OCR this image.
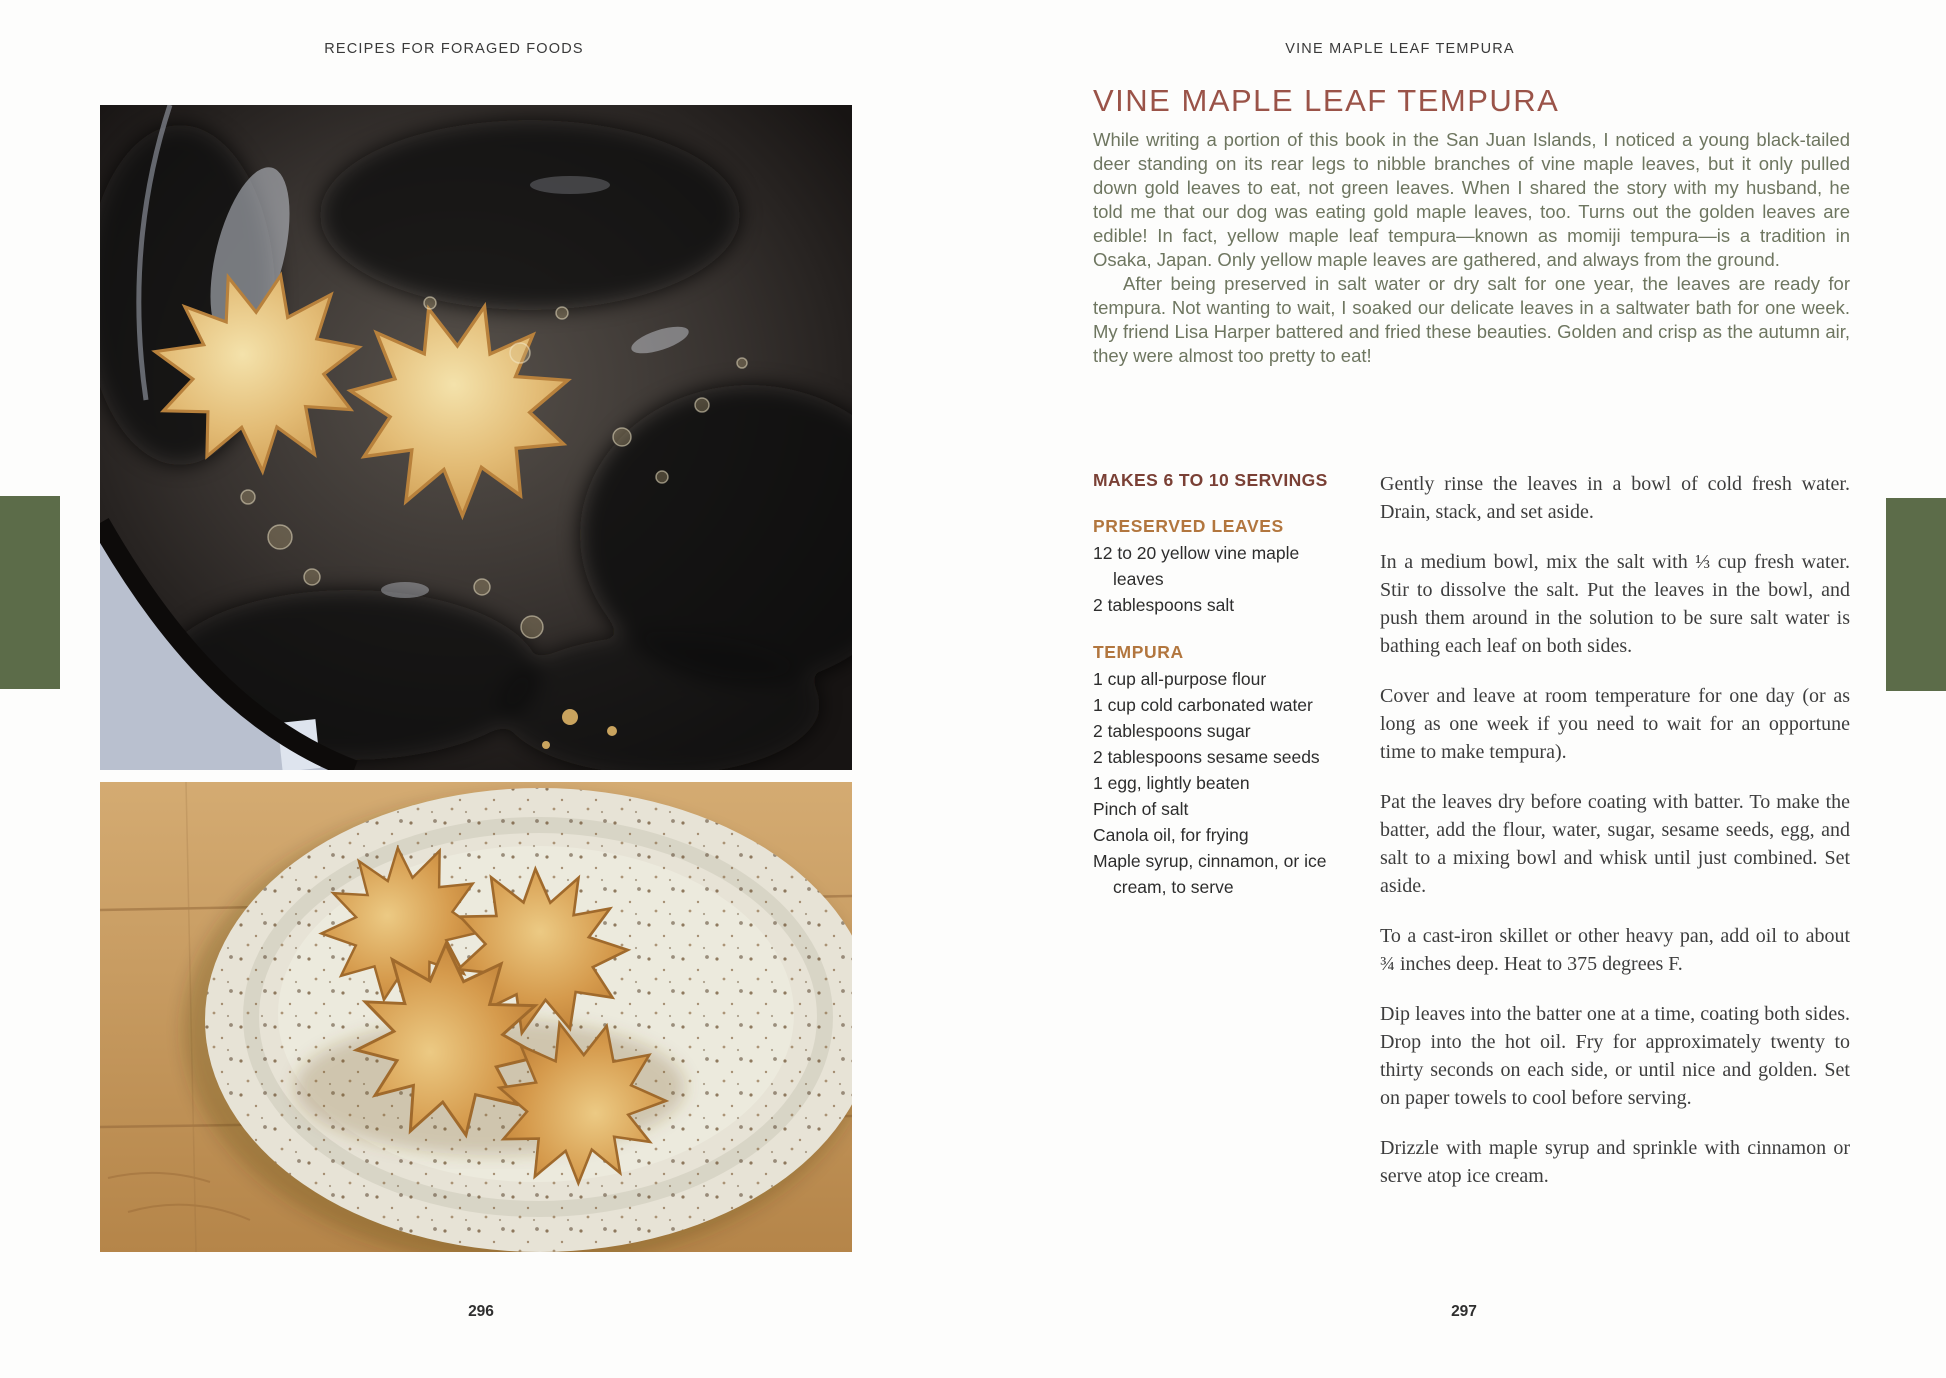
RECIPES FOR FORAGED FOODS	VINE MAPLE LEAF TEMPURA
VINE MAPLE LEAF TEMPURA

While writing a portion of this book in the San Juan Islands, I noticed a young black-tailed deer standing on its rear legs to nibble branches of vine maple leaves, but it only pulled down gold leaves to eat, not green leaves. When I shared the story with my husband, he told me that our dog was eating gold maple leaves, too. Turns out the golden leaves are edible! In fact, yellow maple leaf tempura—known as momiji tempura—is a tradition in Osaka, Japan. Only yellow maple leaves are gathered, and always from the ground.

After being preserved in salt water or dry salt for one year, the leaves are ready for tempura. Not wanting to wait, I soaked our delicate leaves in a saltwater bath for one week. My friend Lisa Harper battered and fried these beauties. Golden and crisp as the autumn air, they were almost too pretty to eat!

MAKES 6 TO 10 SERVINGS

PRESERVED LEAVES
12 to 20 yellow vine maple leaves
2 tablespoons salt
TEMPURA
1 cup all-purpose flour
1 cup cold carbonated water
2 tablespoons sugar
2 tablespoons sesame seeds
1 egg, lightly beaten
Pinch of salt
Canola oil, for frying
Maple syrup, cinnamon, or ice cream, to serve

Gently rinse the leaves in a bowl of cold fresh water. Drain, stack, and set aside.

In a medium bowl, mix the salt with ⅓ cup fresh water. Stir to dissolve the salt. Put the leaves in the bowl, and push them around in the solution to be sure salt water is bathing each leaf on both sides.

Cover and leave at room temperature for one day (or as long as one week if you need to wait for an opportune time to make tempura).

Pat the leaves dry before coating with batter. To make the batter, add the flour, water, sugar, sesame seeds, egg, and salt to a mixing bowl and whisk until just combined. Set aside.

To a cast-iron skillet or other heavy pan, add oil to about ¾ inches deep. Heat to 375 degrees F.

Dip leaves into the batter one at a time, coating both sides. Drop into the hot oil. Fry for approximately twenty to thirty seconds on each side, or until nice and golden. Set on paper towels to cool before serving.

Drizzle with maple syrup and sprinkle with cinnamon or serve atop ice cream.

296	297
